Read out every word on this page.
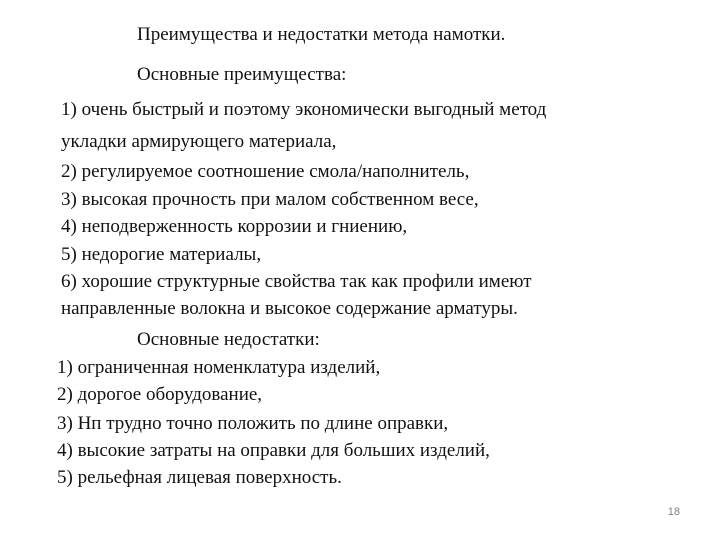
Преимущества и недостатки метода намотки.
Основные преимущества:
1) очень быстрый и поэтому экономически выгодный метод
укладки армирующего материала,
2) регулируемое соотношение смола/наполнитель,
3) высокая прочность при малом собственном весе,
4) неподверженность коррозии и гниению,
5) недорогие материалы,
6) хорошие структурные свойства так как профили имеют
направленные волокна и высокое содержание арматуры.
Основные недостатки:
1) ограниченная номенклатура изделий,
2) дорогое оборудование,
3) Нп трудно точно положить по длине оправки,
4) высокие затраты на оправки для больших изделий,
5) рельефная лицевая поверхность.
18
